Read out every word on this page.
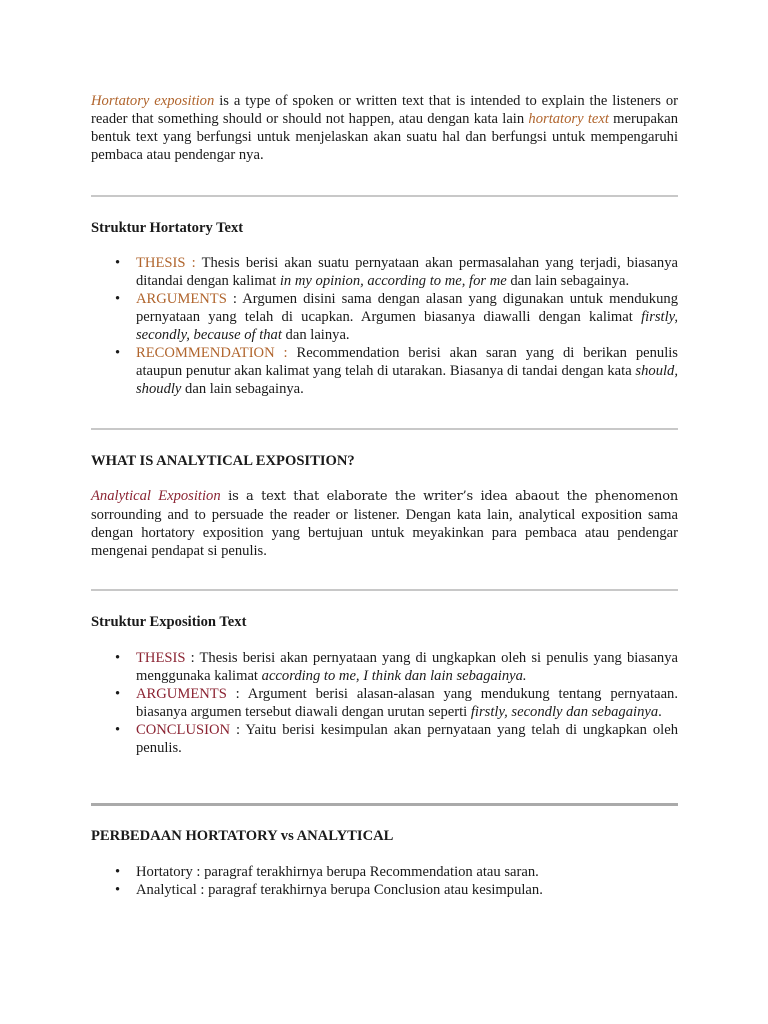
Hortatory exposition is a type of spoken or written text that is intended to explain the listeners or reader that something should or should not happen, atau dengan kata lain hortatory text merupakan bentuk text yang berfungsi untuk menjelaskan akan suatu hal dan berfungsi untuk mempengaruhi pembaca atau pendengar nya.

Struktur Hortatory Text
• THESIS : Thesis berisi akan suatu pernyataan akan permasalahan yang terjadi, biasanya ditandai dengan kalimat in my opinion, according to me, for me dan lain sebagainya.
• ARGUMENTS : Argumen disini sama dengan alasan yang digunakan untuk mendukung pernyataan yang telah di ucapkan. Argumen biasanya diawalli dengan kalimat firstly, secondly, because of that dan lainya.
• RECOMMENDATION : Recommendation berisi akan saran yang di berikan penulis ataupun penutur akan kalimat yang telah di utarakan. Biasanya di tandai dengan kata should, shoudly dan lain sebagainya.
WHAT IS ANALYTICAL EXPOSITION?

Analytical Exposition is a text that elaborate the writer’s idea abaout the phenomenon sorrounding and to persuade the reader or listener. Dengan kata lain, analytical exposition sama dengan hortatory exposition yang bertujuan untuk meyakinkan para pembaca atau pendengar mengenai pendapat si penulis.

Struktur Exposition Text
• THESIS : Thesis berisi akan pernyataan yang di ungkapkan oleh si penulis yang biasanya menggunaka kalimat according to me, I think dan lain sebagainya.
• ARGUMENTS : Argument berisi alasan-alasan yang mendukung tentang pernyataan. biasanya argumen tersebut diawali dengan urutan seperti firstly, secondly dan sebagainya.
• CONCLUSION : Yaitu berisi kesimpulan akan pernyataan yang telah di ungkapkan oleh penulis.
PERBEDAAN HORTATORY vs ANALYTICAL
• Hortatory : paragraf terakhirnya berupa Recommendation atau saran.
• Analytical : paragraf terakhirnya berupa Conclusion atau kesimpulan.
